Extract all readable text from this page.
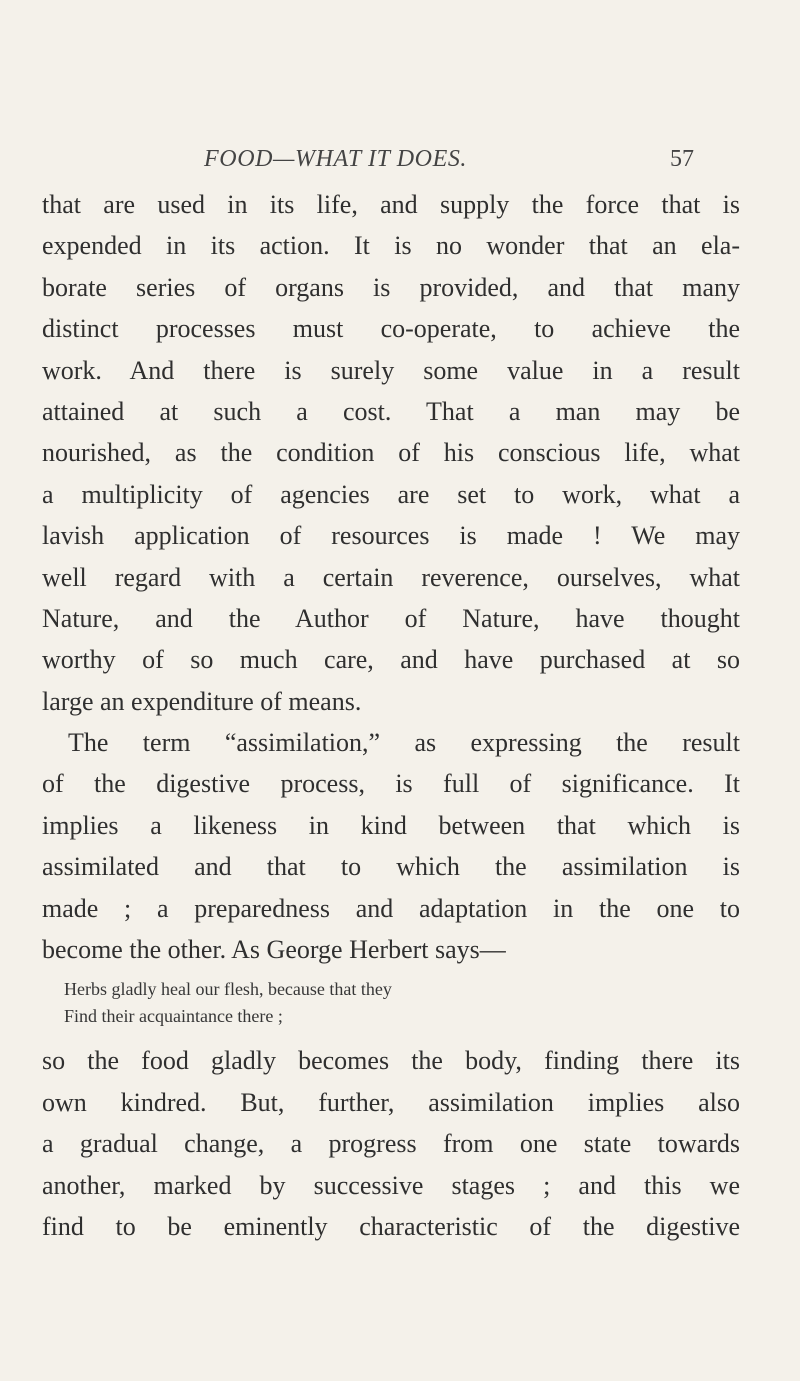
FOOD—WHAT IT DOES.	57
that are used in its life, and supply the force that is
expended in its action. It is no wonder that an ela-
borate series of organs is provided, and that many
distinct processes must co-operate, to achieve the
work. And there is surely some value in a result
attained at such a cost. That a man may be
nourished, as the condition of his conscious life, what
a multiplicity of agencies are set to work, what a
lavish application of resources is made ! We may
well regard with a certain reverence, ourselves, what
Nature, and the Author of Nature, have thought
worthy of so much care, and have purchased at so
large an expenditure of means.
The term “assimilation,” as expressing the result
of the digestive process, is full of significance. It
implies a likeness in kind between that which is
assimilated and that to which the assimilation is
made ; a preparedness and adaptation in the one to
become the other. As George Herbert says—
Herbs gladly heal our flesh, because that they
Find their acquaintance there ;
so the food gladly becomes the body, finding there its
own kindred. But, further, assimilation implies also
a gradual change, a progress from one state towards
another, marked by successive stages ; and this we
find to be eminently characteristic of the digestive
